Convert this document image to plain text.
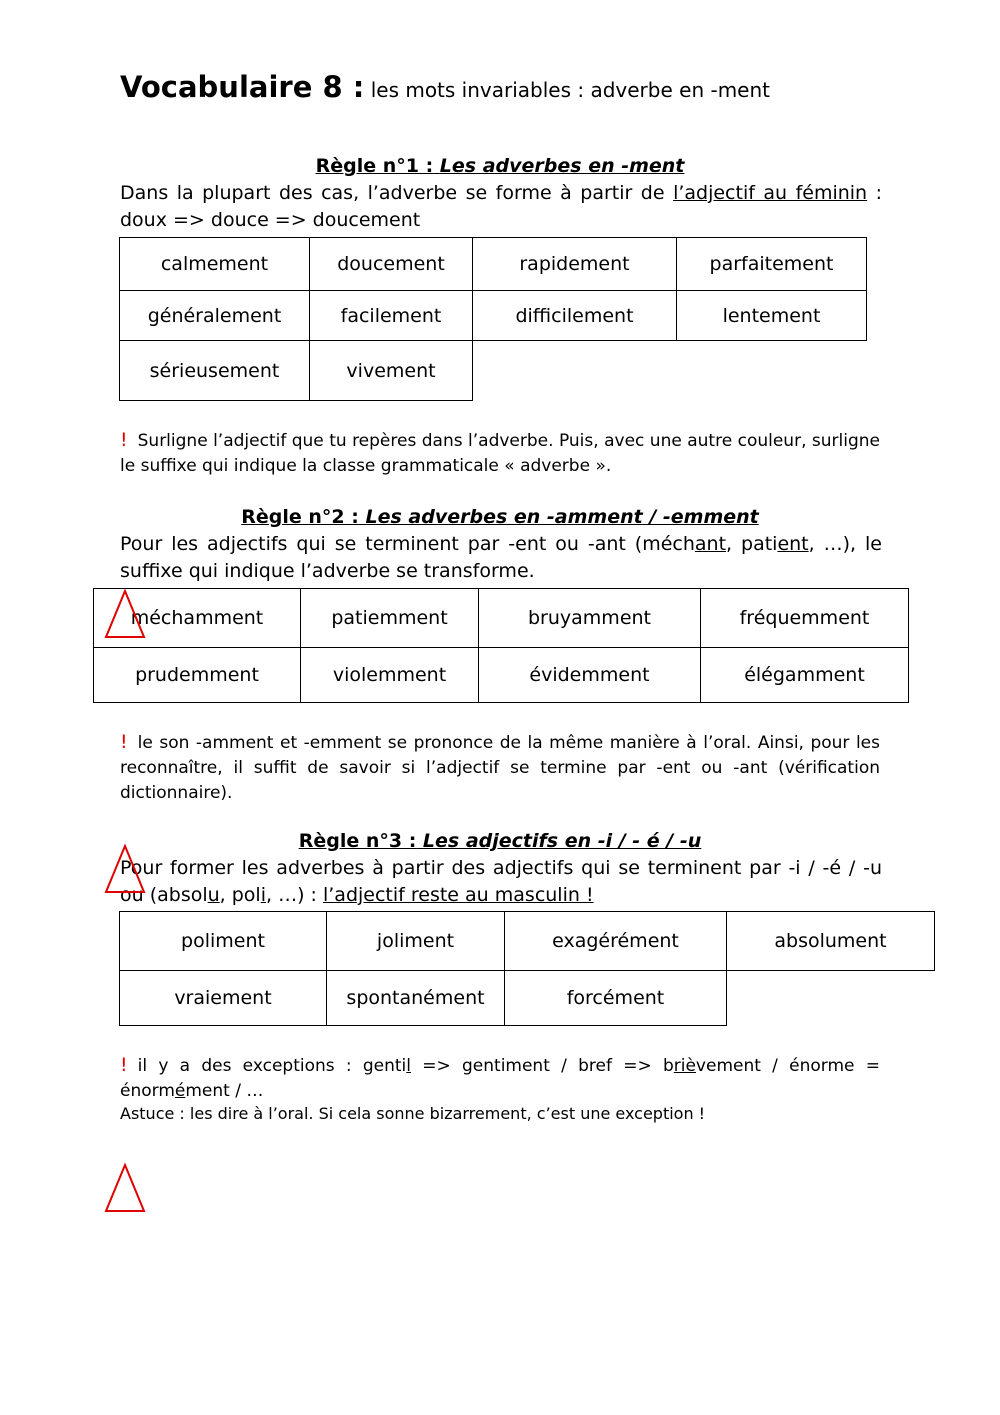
Vocabulaire 8 : les mots invariables : adverbe en -ment
Règle n°1 : Les adverbes en -ment
Dans la plupart des cas, l’adverbe se forme à partir de l’adjectif au féminin : doux => douce => doucement
calmement	doucement	rapidement	parfaitement
généralement	facilement	difficilement	lentement
sérieusement	vivement		
! Surligne l’adjectif que tu repères dans l’adverbe. Puis, avec une autre couleur, surligne le suffixe qui indique la classe grammaticale « adverbe ».
Règle n°2 : Les adverbes en -amment / -emment
Pour les adjectifs qui se terminent par -ent ou -ant (méchant, patient, …), le suffixe qui indique l’adverbe se transforme.
méchamment	patiemment	bruyamment	fréquemment
prudemment	violemment	évidemment	élégamment
! le son -amment et -emment se prononce de la même manière à l’oral. Ainsi, pour les reconnaître, il suffit de savoir si l’adjectif se termine par -ent ou -ant (vérification dictionnaire).
Règle n°3 : Les adjectifs en -i / - é / -u
Pour former les adverbes à partir des adjectifs qui se terminent par -i / -é / -u ou (absolu, poli, …) : l’adjectif reste au masculin !
poliment	joliment	exagérément	absolument
vraiement	spontanément	forcément	
! il y a des exceptions : gentil => gentiment / bref => brièvement / énorme = énormément / …
Astuce : les dire à l’oral. Si cela sonne bizarrement, c’est une exception !
